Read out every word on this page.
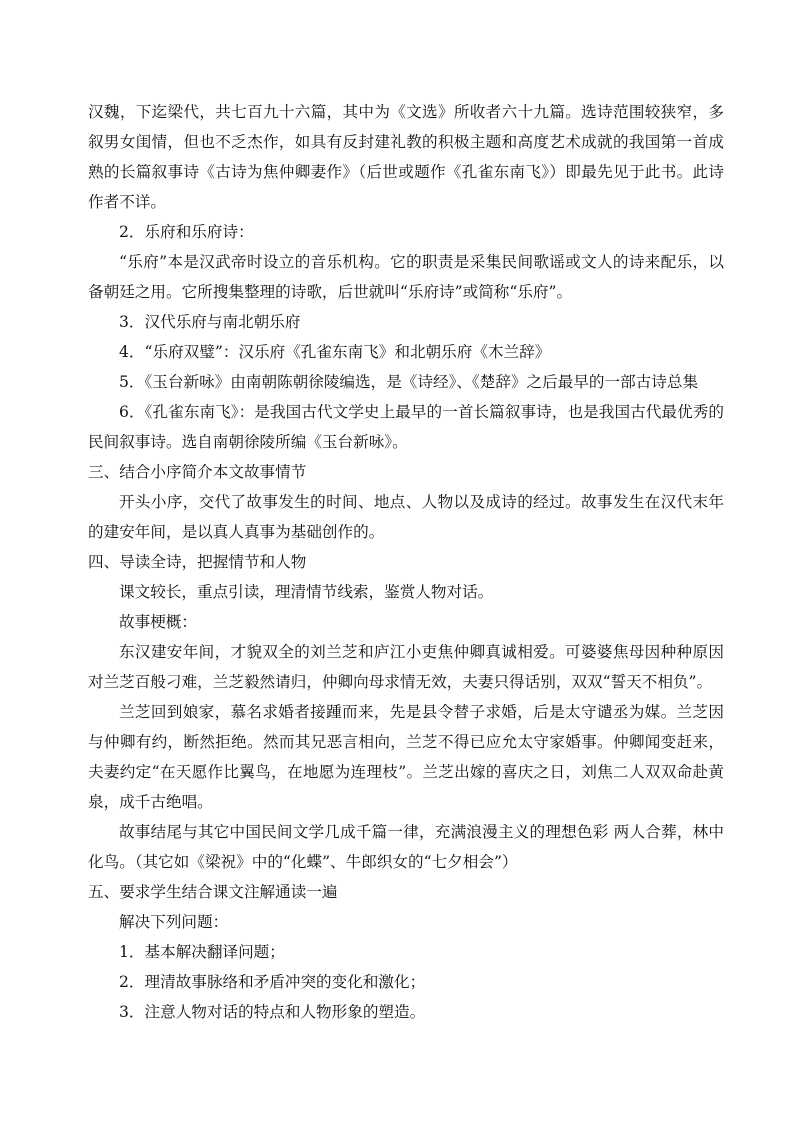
汉魏，下迄梁代，共七百九十六篇，其中为《文选》所收者六十九篇。选诗范围较狭窄，多叙男女闺情，但也不乏杰作，如具有反封建礼教的积极主题和高度艺术成就的我国第一首成熟的长篇叙事诗《古诗为焦仲卿妻作》（后世或题作《孔雀东南飞》）即最先见于此书。此诗作者不详。

2．乐府和乐府诗：

“乐府”本是汉武帝时设立的音乐机构。它的职责是采集民间歌谣或文人的诗来配乐，以备朝廷之用。它所搜集整理的诗歌，后世就叫“乐府诗”或简称“乐府”。

3．汉代乐府与南北朝乐府

4．“乐府双璧”：汉乐府《孔雀东南飞》和北朝乐府《木兰辞》

5．《玉台新咏》由南朝陈朝徐陵编选，是《诗经》、《楚辞》之后最早的一部古诗总集

6．《孔雀东南飞》：是我国古代文学史上最早的一首长篇叙事诗，也是我国古代最优秀的民间叙事诗。选自南朝徐陵所编《玉台新咏》。

三、结合小序简介本文故事情节

开头小序，交代了故事发生的时间、地点、人物以及成诗的经过。故事发生在汉代末年的建安年间，是以真人真事为基础创作的。

四、导读全诗，把握情节和人物

课文较长，重点引读，理清情节线索，鉴赏人物对话。

故事梗概：

东汉建安年间，才貌双全的刘兰芝和庐江小吏焦仲卿真诚相爱。可婆婆焦母因种种原因对兰芝百般刁难，兰芝毅然请归，仲卿向母求情无效，夫妻只得话别，双双“誓天不相负”。

兰芝回到娘家，慕名求婚者接踵而来，先是县令替子求婚，后是太守谴丞为媒。兰芝因与仲卿有约，断然拒绝。然而其兄恶言相向，兰芝不得已应允太守家婚事。仲卿闻变赶来，夫妻约定“在天愿作比翼鸟，在地愿为连理枝”。兰芝出嫁的喜庆之日，刘焦二人双双命赴黄泉，成千古绝唱。

故事结尾与其它中国民间文学几成千篇一律，充满浪漫主义的理想色彩 两人合葬，林中化鸟。（其它如《梁祝》中的“化蝶”、牛郎织女的“七夕相会”）

五、要求学生结合课文注解通读一遍

解决下列问题：

1．基本解决翻译问题；

2．理清故事脉络和矛盾冲突的变化和激化；

3．注意人物对话的特点和人物形象的塑造。
